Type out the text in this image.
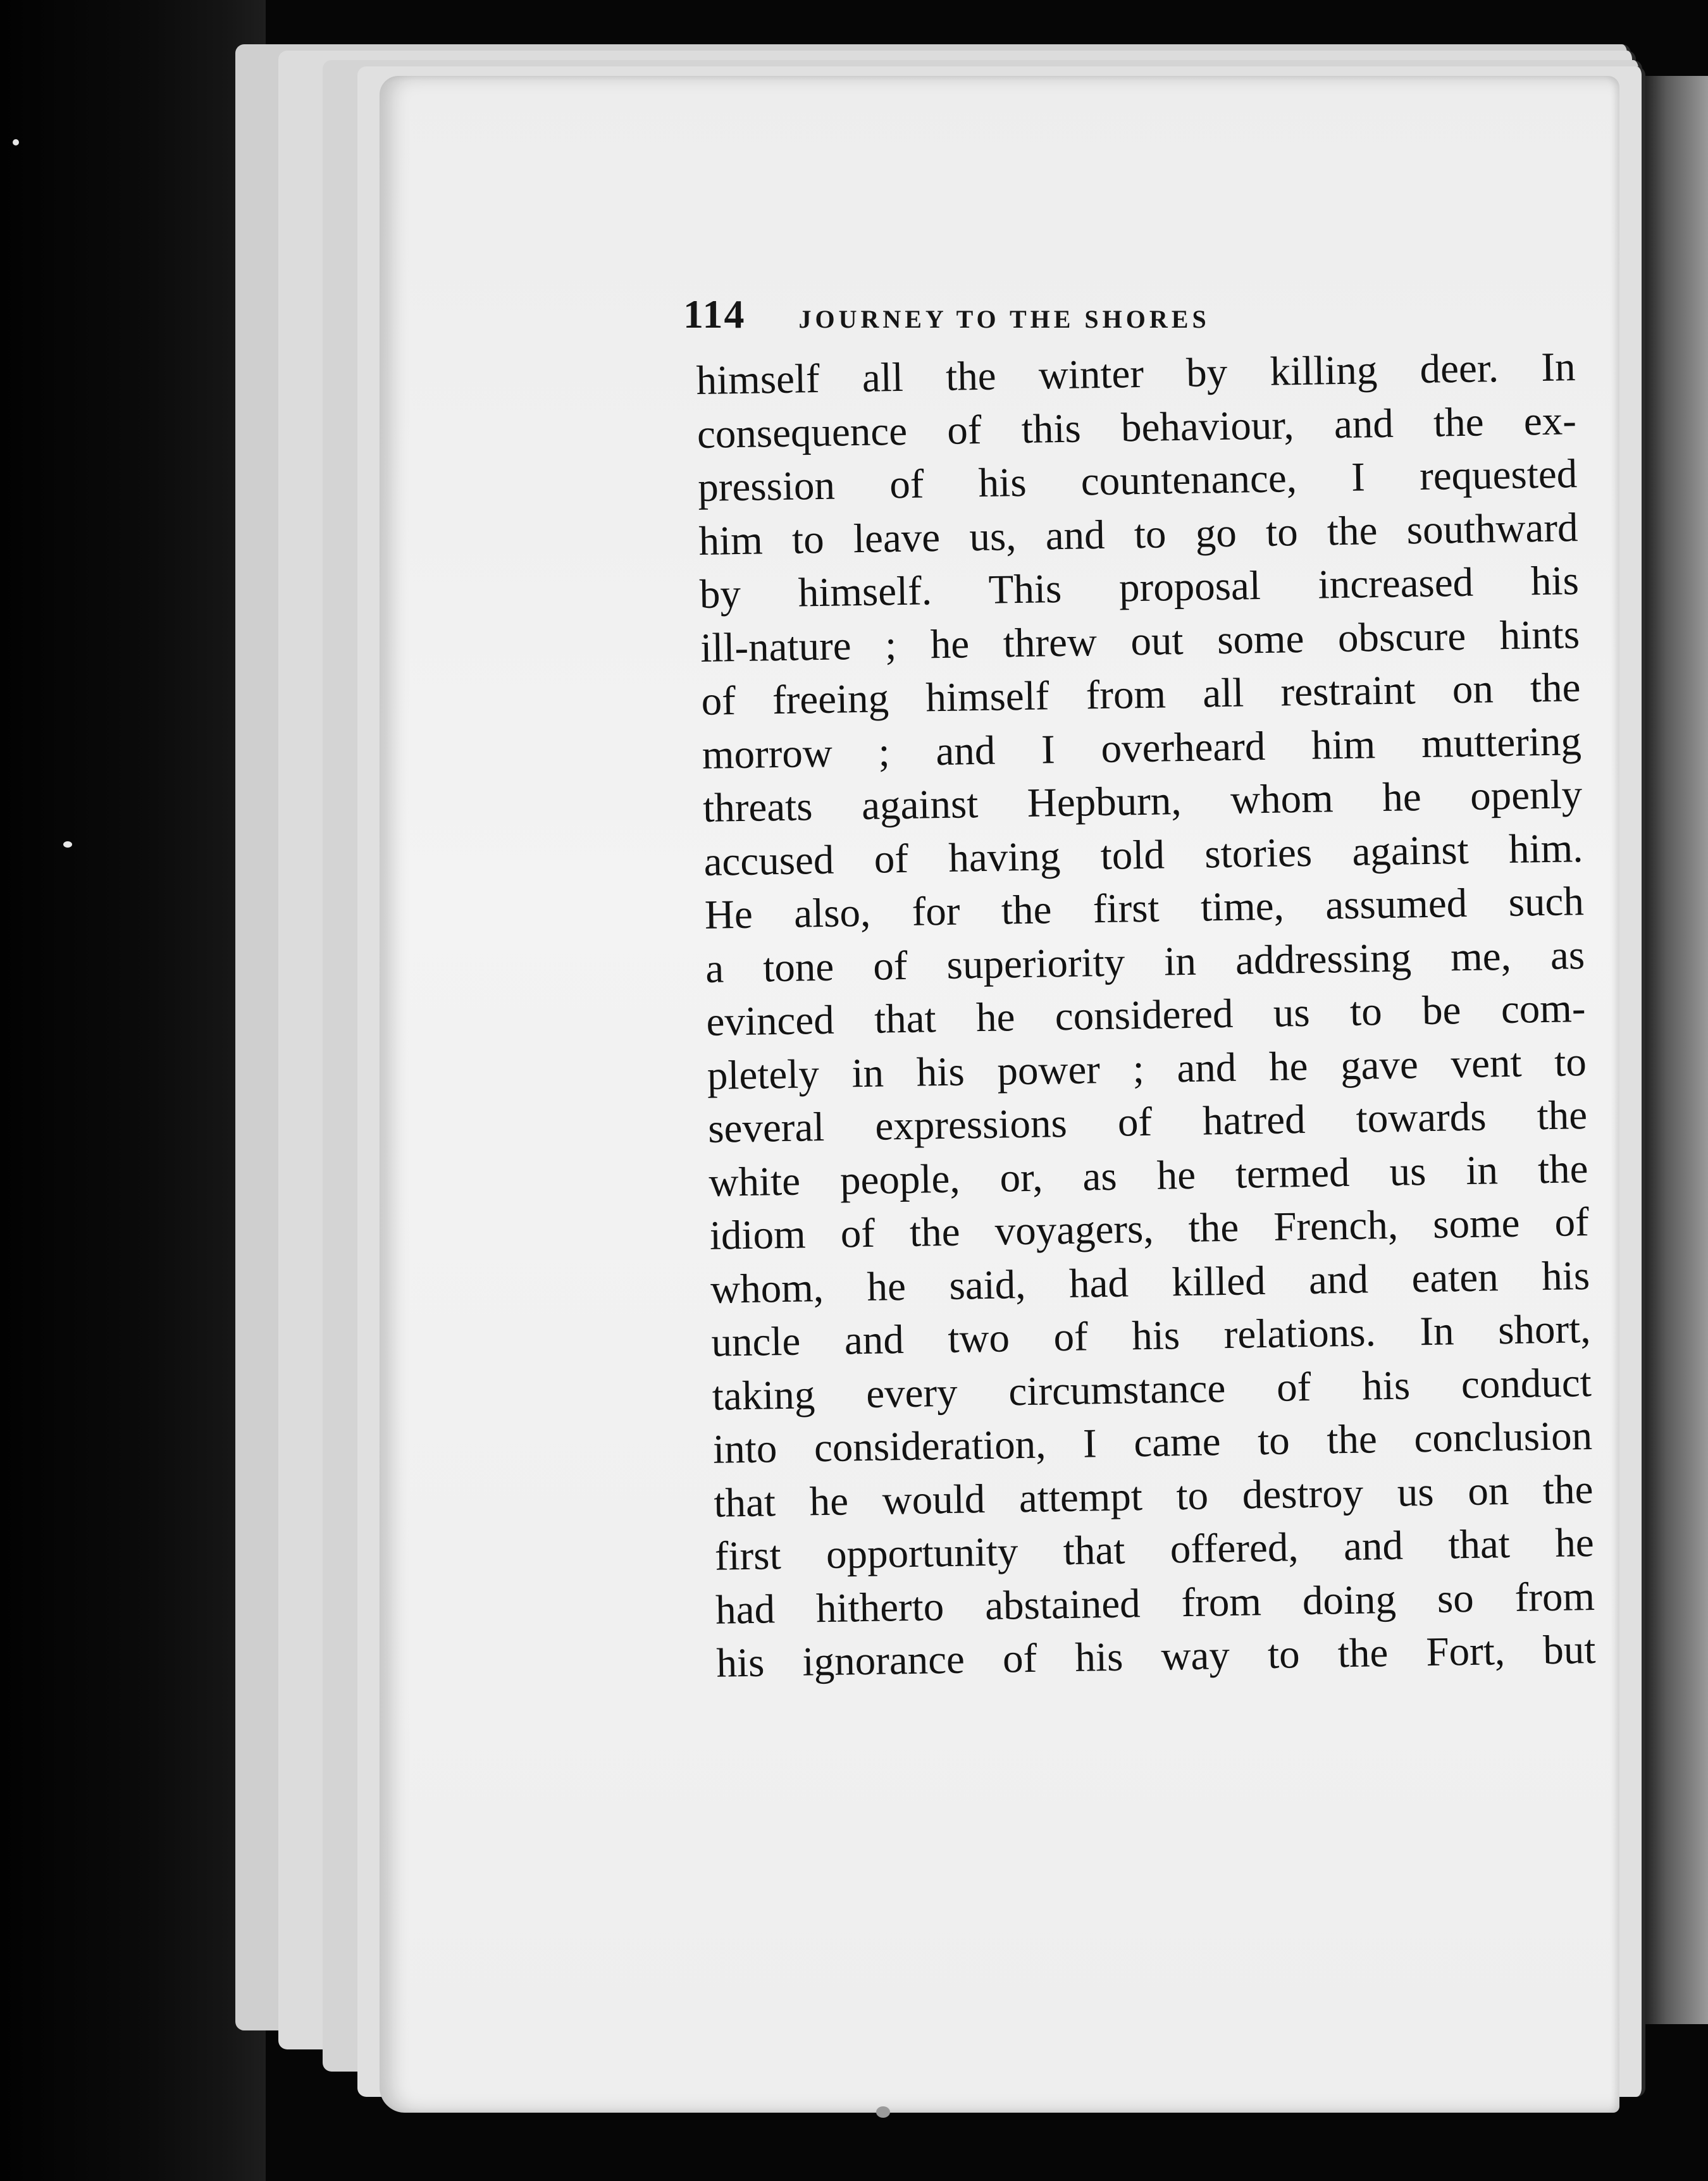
114 JOURNEY TO THE SHORES
himself all the winter by killing deer. In
consequence of this behaviour, and the ex-
pression of his countenance, I requested
him to leave us, and to go to the southward
by himself. This proposal increased his
ill-nature ; he threw out some obscure hints
of freeing himself from all restraint on the
morrow ; and I overheard him muttering
threats against Hepburn, whom he openly
accused of having told stories against him.
He also, for the first time, assumed such
a tone of superiority in addressing me, as
evinced that he considered us to be com-
pletely in his power ; and he gave vent to
several expressions of hatred towards the
white people, or, as he termed us in the
idiom of the voyagers, the French, some of
whom, he said, had killed and eaten his
uncle and two of his relations. In short,
taking every circumstance of his conduct
into consideration, I came to the conclusion
that he would attempt to destroy us on the
first opportunity that offered, and that he
had hitherto abstained from doing so from
his ignorance of his way to the Fort, but
